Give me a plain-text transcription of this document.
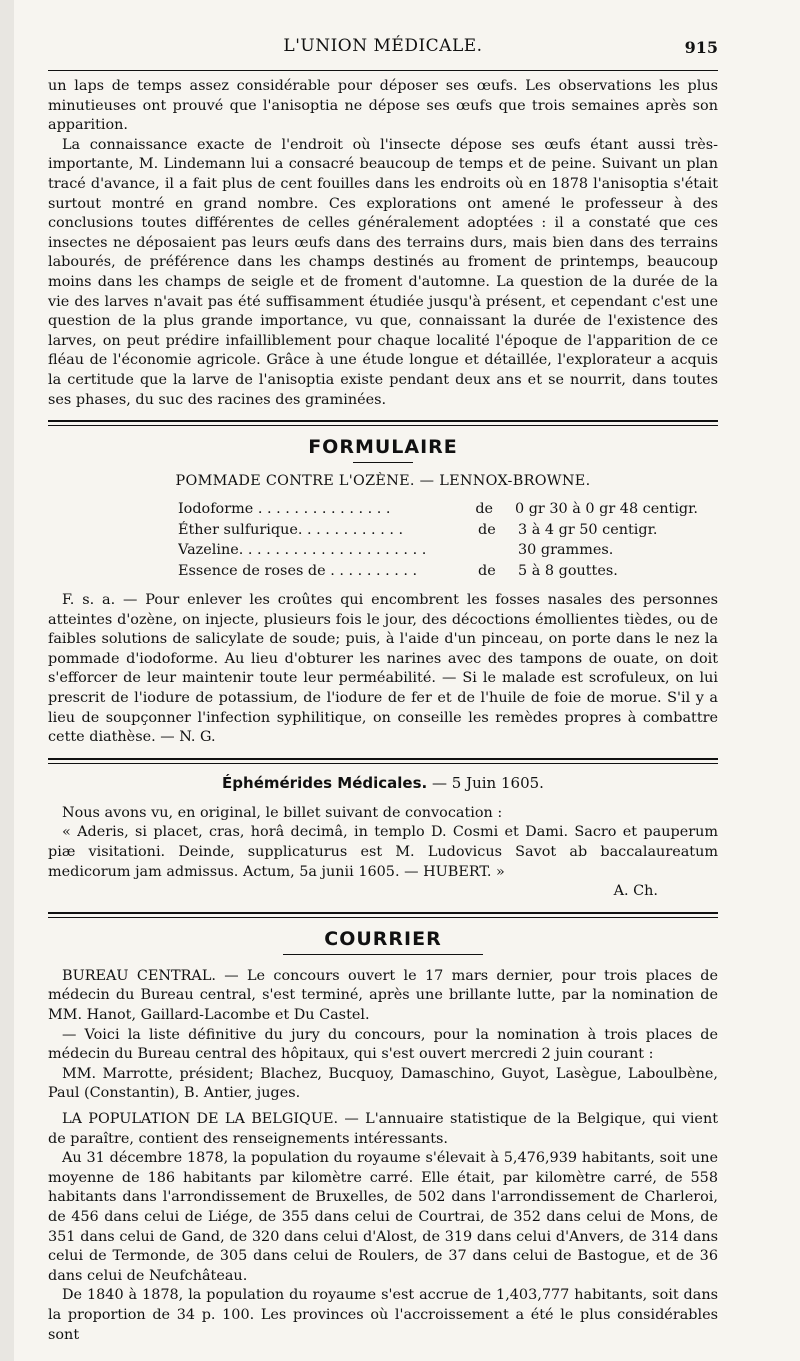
L'UNION MÉDICALE.	915

un laps de temps assez considérable pour déposer ses œufs. Les observations les plus minutieuses ont prouvé que l'anisoptia ne dépose ses œufs que trois semaines après son apparition.

La connaissance exacte de l'endroit où l'insecte dépose ses œufs étant aussi très-importante, M. Lindemann lui a consacré beaucoup de temps et de peine. Suivant un plan tracé d'avance, il a fait plus de cent fouilles dans les endroits où en 1878 l'anisoptia s'était surtout montré en grand nombre. Ces explorations ont amené le professeur à des conclusions toutes différentes de celles généralement adoptées : il a constaté que ces insectes ne déposaient pas leurs œufs dans des terrains durs, mais bien dans des terrains labourés, de préférence dans les champs destinés au froment de printemps, beaucoup moins dans les champs de seigle et de froment d'automne. La question de la durée de la vie des larves n'avait pas été suffisamment étudiée jusqu'à présent, et cependant c'est une question de la plus grande importance, vu que, connaissant la durée de l'existence des larves, on peut prédire infailliblement pour chaque localité l'époque de l'apparition de ce fléau de l'économie agricole. Grâce à une étude longue et détaillée, l'explorateur a acquis la certitude que la larve de l'anisoptia existe pendant deux ans et se nourrit, dans toutes ses phases, du suc des racines des graminées.

FORMULAIRE
POMMADE CONTRE L'OZÈNE. — LENNOX-BROWNE.
Iodoforme . . . . . . . . . . . . . . .	de	0 gr 30 à 0 gr 48 centigr.
Éther sulfurique. . . . . . . . . . . .	de	3 à 4 gr 50 centigr.
Vazeline. . . . . . . . . . . . . . . . . . . . .	30 grammes.
Essence de roses de . . . . . . . . . .	de	5 à 8 gouttes.

F. s. a. — Pour enlever les croûtes qui encombrent les fosses nasales des personnes atteintes d'ozène, on injecte, plusieurs fois le jour, des décoctions émollientes tièdes, ou de faibles solutions de salicylate de soude; puis, à l'aide d'un pinceau, on porte dans le nez la pommade d'iodoforme. Au lieu d'obturer les narines avec des tampons de ouate, on doit s'efforcer de leur maintenir toute leur perméabilité. — Si le malade est scrofuleux, on lui prescrit de l'iodure de potassium, de l'iodure de fer et de l'huile de foie de morue. S'il y a lieu de soupçonner l'infection syphilitique, on conseille les remèdes propres à combattre cette diathèse. — N. G.

Éphémérides Médicales. — 5 Juin 1605.

Nous avons vu, en original, le billet suivant de convocation :

« Aderis, si placet, cras, horâ decimâ, in templo D. Cosmi et Dami. Sacro et pauperum piæ visitationi. Deinde, supplicaturus est M. Ludovicus Savot ab baccalaureatum medicorum jam admissus. Actum, 5a junii 1605. — HUBERT. »

A. Ch.

COURRIER

BUREAU CENTRAL. — Le concours ouvert le 17 mars dernier, pour trois places de médecin du Bureau central, s'est terminé, après une brillante lutte, par la nomination de MM. Hanot, Gaillard-Lacombe et Du Castel.

— Voici la liste définitive du jury du concours, pour la nomination à trois places de médecin du Bureau central des hôpitaux, qui s'est ouvert mercredi 2 juin courant :

MM. Marrotte, président; Blachez, Bucquoy, Damaschino, Guyot, Lasègue, Laboulbène, Paul (Constantin), B. Antier, juges.

LA POPULATION DE LA BELGIQUE. — L'annuaire statistique de la Belgique, qui vient de paraître, contient des renseignements intéressants.

Au 31 décembre 1878, la population du royaume s'élevait à 5,476,939 habitants, soit une moyenne de 186 habitants par kilomètre carré. Elle était, par kilomètre carré, de 558 habitants dans l'arrondissement de Bruxelles, de 502 dans l'arrondissement de Charleroi, de 456 dans celui de Liége, de 355 dans celui de Courtrai, de 352 dans celui de Mons, de 351 dans celui de Gand, de 320 dans celui d'Alost, de 319 dans celui d'Anvers, de 314 dans celui de Termonde, de 305 dans celui de Roulers, de 37 dans celui de Bastogue, et de 36 dans celui de Neufchâteau.

De 1840 à 1878, la population du royaume s'est accrue de 1,403,777 habitants, soit dans la proportion de 34 p. 100. Les provinces où l'accroissement a été le plus considérables sont
